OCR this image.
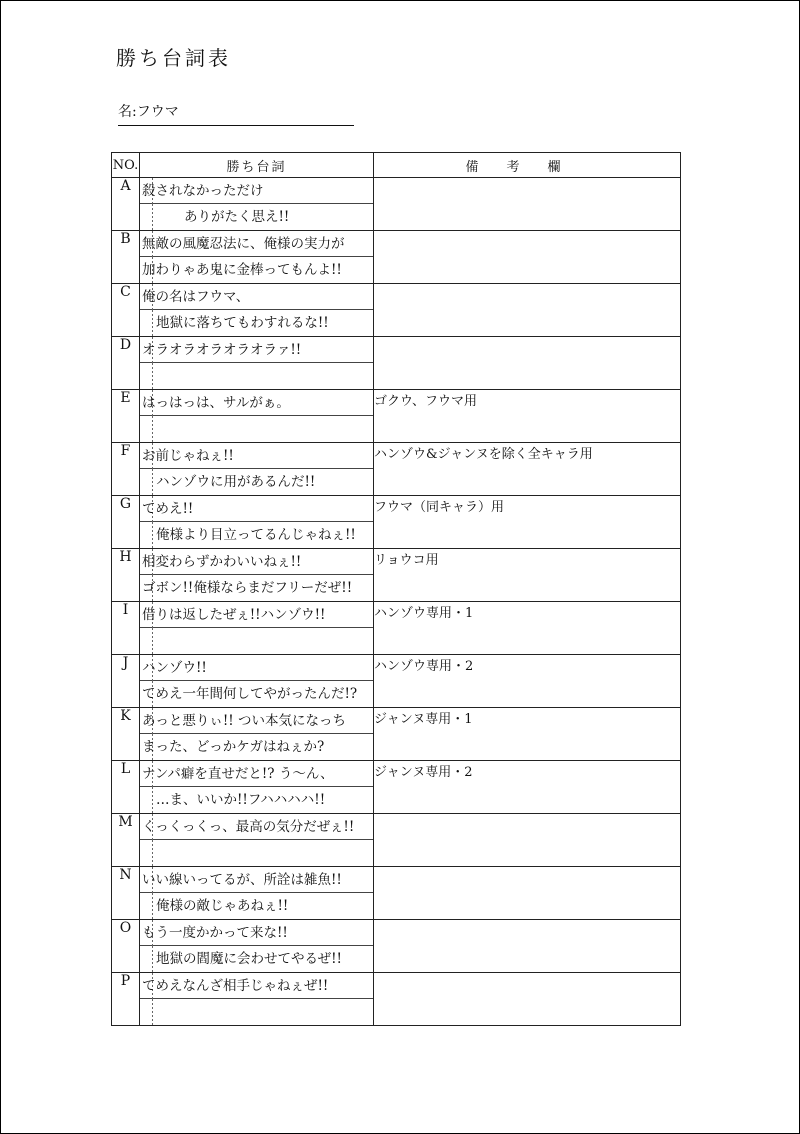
勝ち台詞表
名:フウマ
NO.	勝ち台詞	備考欄
A	殺されなかっただけ
ありがたく思え!!	

B	無敵の風魔忍法に、俺様の実力が
加わりゃあ鬼に金棒ってもんよ!!	

C	俺の名はフウマ、
地獄に落ちてもわすれるな!!	

D	オラオラオラオラオラァ!!	

E	はっはっは、サルがぁ。	ゴクウ、フウマ用
F	お前じゃねぇ!!
ハンゾウに用があるんだ!!	ハンゾウ&ジャンヌを除く全キャラ用
G	てめえ!!
俺様より目立ってるんじゃねぇ!!	フウマ（同キャラ）用
H	相変わらずかわいいねぇ!!
ゴボン!!俺様ならまだフリーだぜ!!	リョウコ用
I	借りは返したぜぇ!!ハンゾウ!!	ハンゾウ専用・1
J	ハンゾウ!!
てめえ一年間何してやがったんだ!?	ハンゾウ専用・2
K	あっと悪りぃ!! つい本気になっち
まった、どっかケガはねぇか?	ジャンヌ専用・1
L	ナンパ癖を直せだと!? う〜ん、
…ま、いいか!!フハハハハ!!	ジャンヌ専用・2
M	くっくっくっ、最高の気分だぜぇ!!	

N	いい線いってるが、所詮は雑魚!!
俺様の敵じゃあねぇ!!	

O	もう一度かかって来な!!
地獄の閻魔に会わせてやるぜ!!	

P	てめえなんざ相手じゃねぇぜ!!	
